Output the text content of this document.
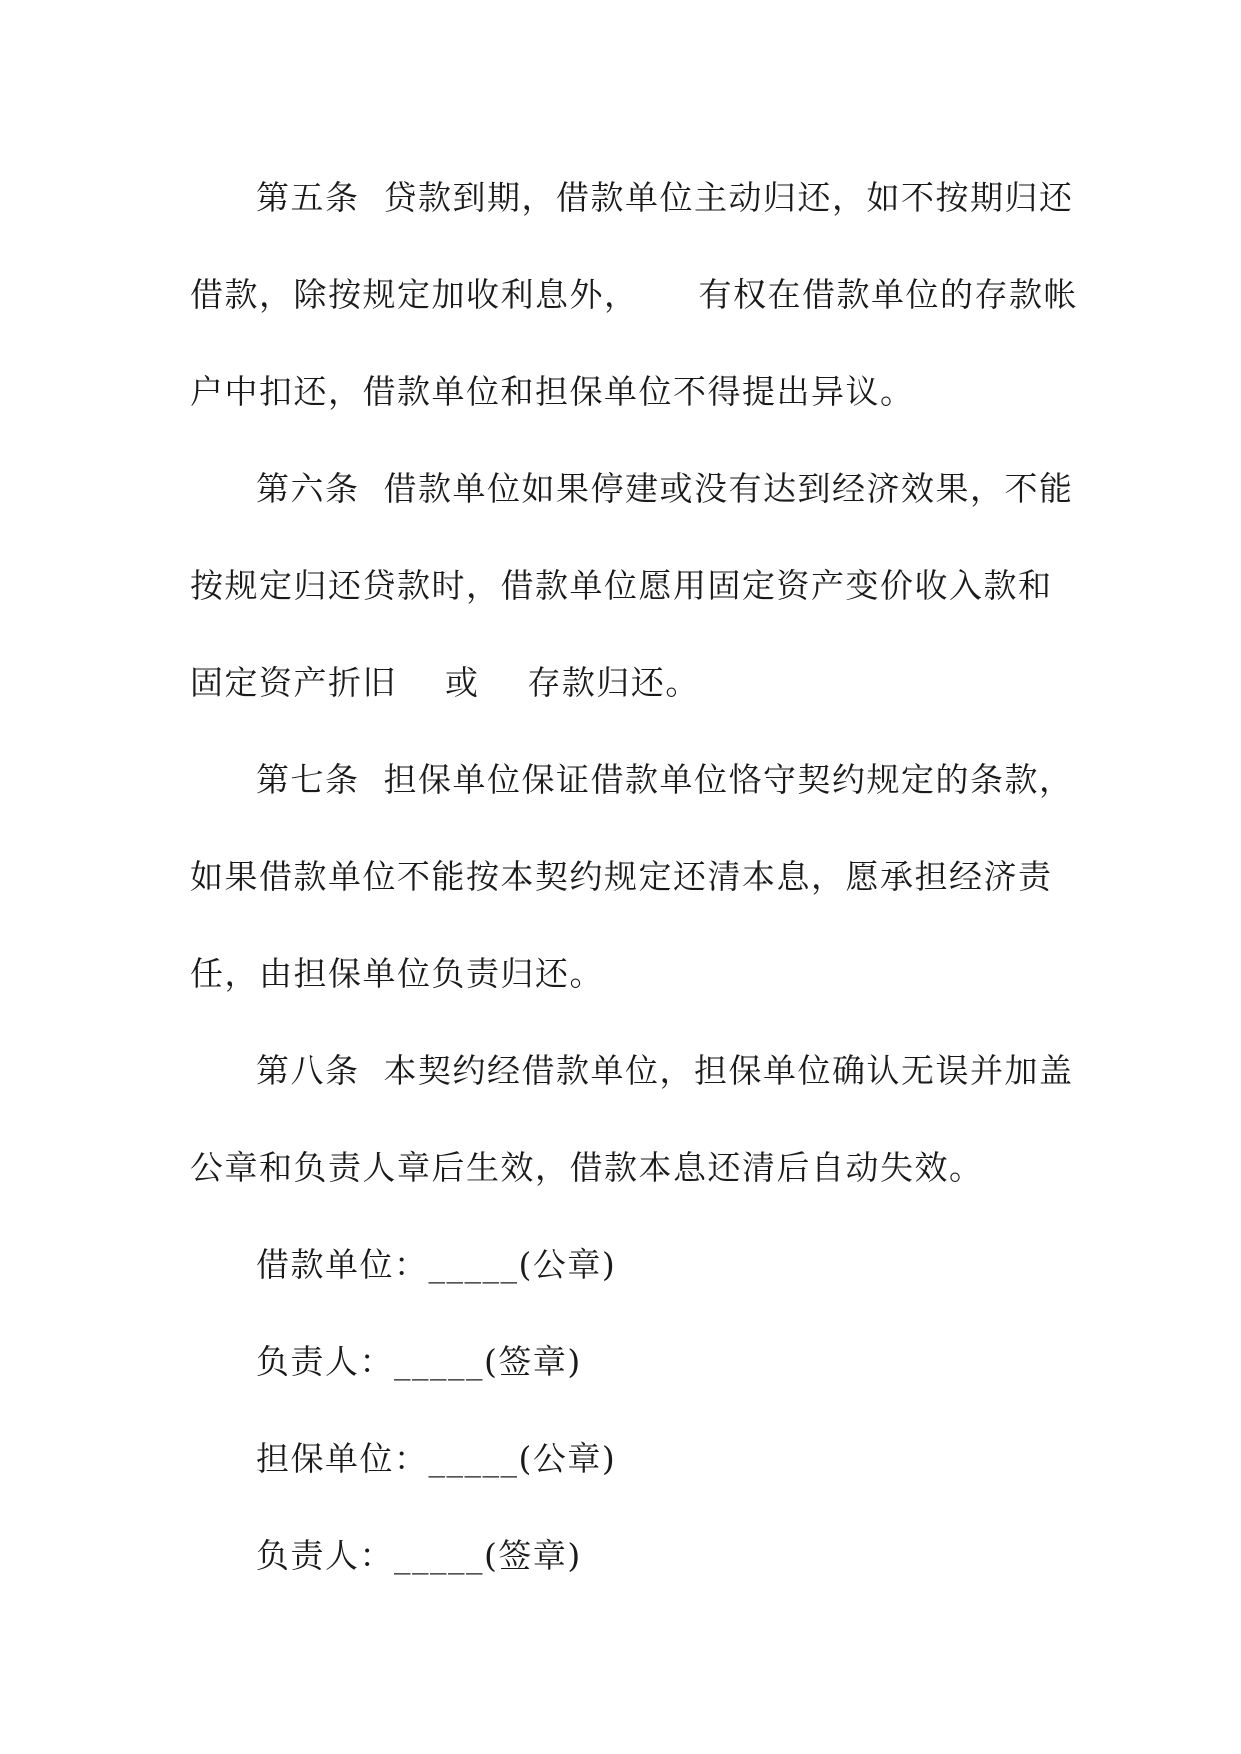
第五条  贷款到期，借款单位主动归还，如不按期归还
借款，除按规定加收利息外，     有权在借款单位的存款帐
户中扣还，借款单位和担保单位不得提出异议。
第六条  借款单位如果停建或没有达到经济效果，不能
按规定归还贷款时，借款单位愿用固定资产变价收入款和
固定资产折旧    或    存款归还。
第七条  担保单位保证借款单位恪守契约规定的条款，
如果借款单位不能按本契约规定还清本息，愿承担经济责
任，由担保单位负责归还。
第八条  本契约经借款单位，担保单位确认无误并加盖
公章和负责人章后生效，借款本息还清后自动失效。
借款单位：_____(公章)
负责人：_____(签章)
担保单位：_____(公章)
负责人：_____(签章)
